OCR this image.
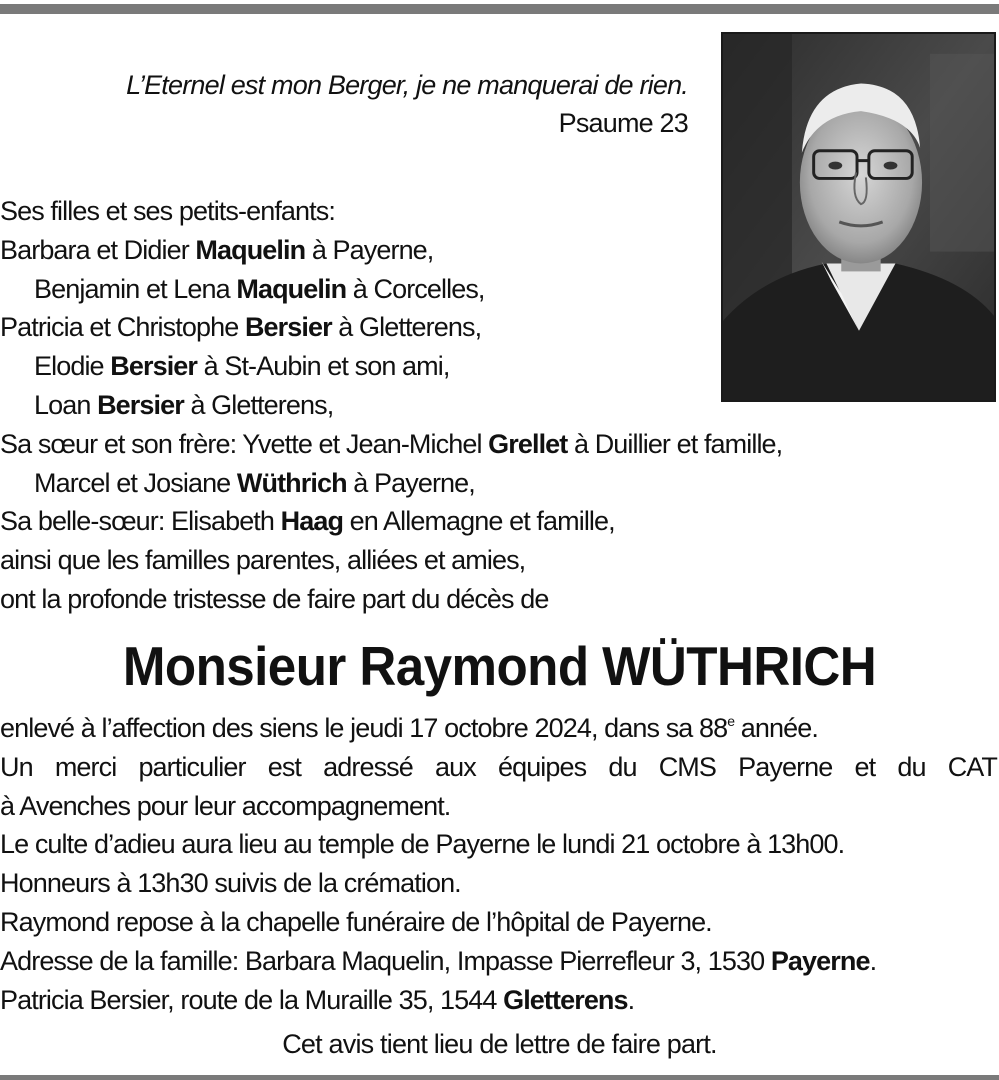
L’Eternel est mon Berger, je ne manquerai de rien.
Psaume 23
Ses filles et ses petits-enfants:
Barbara et Didier Maquelin à Payerne,
Benjamin et Lena Maquelin à Corcelles,
Patricia et Christophe Bersier à Gletterens,
Elodie Bersier à St-Aubin et son ami,
Loan Bersier à Gletterens,
Sa sœur et son frère: Yvette et Jean-Michel Grellet à Duillier et famille,
Marcel et Josiane Wüthrich à Payerne,
Sa belle-sœur: Elisabeth Haag en Allemagne et famille,
ainsi que les familles parentes, alliées et amies,
ont la profonde tristesse de faire part du décès de
Monsieur Raymond WÜTHRICH
enlevé à l’affection des siens le jeudi 17 octobre 2024, dans sa 88e année.
Un merci particulier est adressé aux équipes du CMS Payerne et du CAT
à Avenches pour leur accompagnement.
Le culte d’adieu aura lieu au temple de Payerne le lundi 21 octobre à 13h00.
Honneurs à 13h30 suivis de la crémation.
Raymond repose à la chapelle funéraire de l’hôpital de Payerne.
Adresse de la famille: Barbara Maquelin, Impasse Pierrefleur 3, 1530 Payerne.
Patricia Bersier, route de la Muraille 35, 1544 Gletterens.
Cet avis tient lieu de lettre de faire part.
